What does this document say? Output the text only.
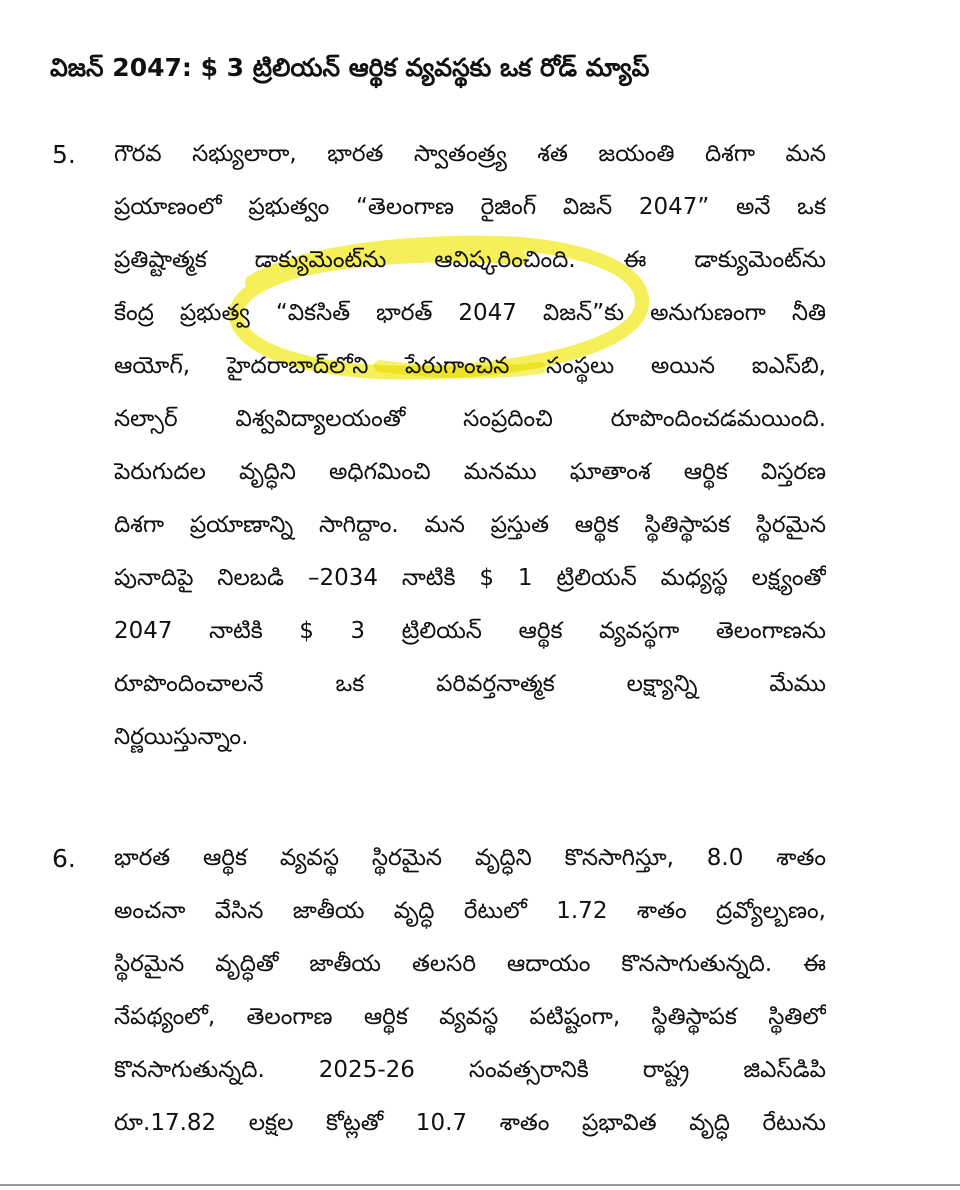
విజన్ 2047: $ 3 ట్రిలియన్ ఆర్థిక వ్యవస్థకు ఒక రోడ్ మ్యాప్
5. గౌరవ సభ్యులారా, భారత స్వాతంత్ర్య శత జయంతి దిశగా మన
ప్రయాణంలో ప్రభుత్వం “తెలంగాణ రైజింగ్ విజన్ 2047” అనే ఒక
ప్రతిష్టాత్మక డాక్యుమెంట్‌ను ఆవిష్కరించింది. ఈ డాక్యుమెంట్‌ను
కేంద్ర ప్రభుత్వ “వికసిత్ భారత్ 2047 విజన్”కు అనుగుణంగా నీతి
ఆయోగ్, హైదరాబాద్‌లోని పేరుగాంచిన సంస్థలు అయిన ఐఎస్‌బి,
నల్సార్ విశ్వవిద్యాలయంతో సంప్రదించి రూపొందించడమయింది.
పెరుగుదల వృద్ధిని అధిగమించి మనము ఘాతాంశ ఆర్థిక విస్తరణ
దిశగా ప్రయాణాన్ని సాగిద్దాం. మన ప్రస్తుత ఆర్థిక స్థితిస్థాపక స్థిరమైన
పునాదిపై నిలబడి –2034 నాటికి $ 1 ట్రిలియన్ మధ్యస్థ లక్ష్యంతో
2047 నాటికి $ 3 ట్రిలియన్ ఆర్థిక వ్యవస్థగా తెలంగాణను
రూపొందించాలనే ఒక పరివర్తనాత్మక లక్ష్యాన్ని మేము
నిర్ణయిస్తున్నాం.
6. భారత ఆర్థిక వ్యవస్థ స్థిరమైన వృద్ధిని కొనసాగిస్తూ, 8.0 శాతం
అంచనా వేసిన జాతీయ వృద్ధి రేటులో 1.72 శాతం ద్రవ్యోల్బణం,
స్థిరమైన వృద్ధితో జాతీయ తలసరి ఆదాయం కొనసాగుతున్నది. ఈ
నేపథ్యంలో, తెలంగాణ ఆర్థిక వ్యవస్థ పటిష్టంగా, స్థితిస్థాపక స్థితిలో
కొనసాగుతున్నది. 2025-26 సంవత్సరానికి రాష్ట్ర జిఎస్‌డిపి
రూ.17.82 లక్షల కోట్లతో 10.7 శాతం ప్రభావిత వృద్ధి రేటును
